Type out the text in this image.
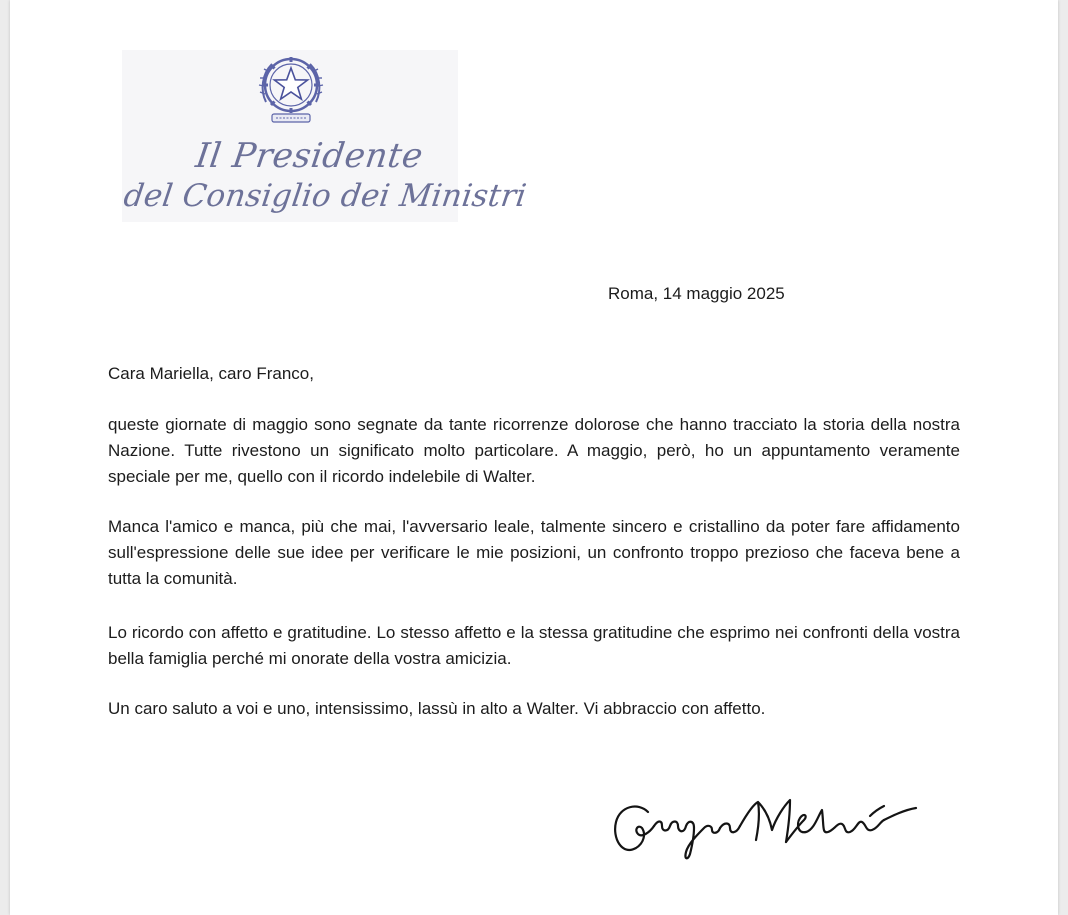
Il Presidente
del Consiglio dei Ministri
Roma, 14 maggio 2025
Cara Mariella, caro Franco,
queste giornate di maggio sono segnate da tante ricorrenze dolorose che hanno tracciato la storia della nostra Nazione. Tutte rivestono un significato molto particolare. A maggio, però, ho un appuntamento veramente speciale per me, quello con il ricordo indelebile di Walter.
Manca l'amico e manca, più che mai, l'avversario leale, talmente sincero e cristallino da poter fare affidamento sull'espressione delle sue idee per verificare le mie posizioni, un confronto troppo prezioso che faceva bene a tutta la comunità.
Lo ricordo con affetto e gratitudine. Lo stesso affetto e la stessa gratitudine che esprimo nei confronti della vostra bella famiglia perché mi onorate della vostra amicizia.
Un caro saluto a voi e uno, intensissimo, lassù in alto a Walter. Vi abbraccio con affetto.
